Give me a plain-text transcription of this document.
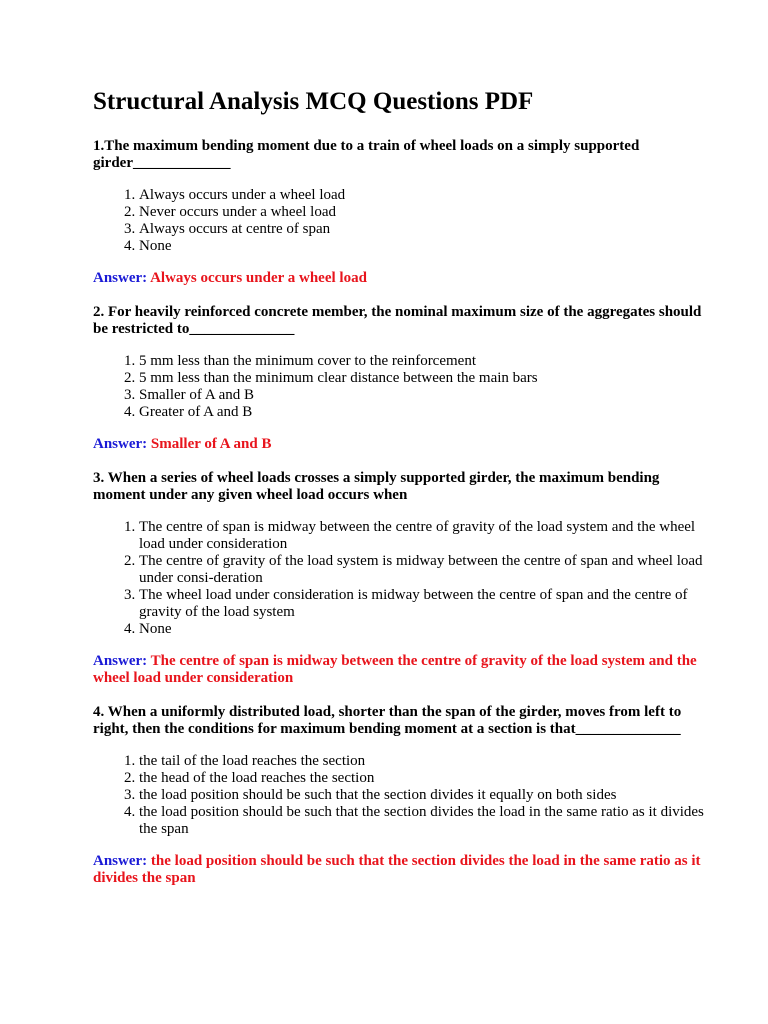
Structural Analysis MCQ Questions PDF

1.The maximum bending moment due to a train of wheel loads on a simply supported girder_____________

1. Always occurs under a wheel load
2. Never occurs under a wheel load
3. Always occurs at centre of span
4. None

Answer: Always occurs under a wheel load

2. For heavily reinforced concrete member, the nominal maximum size of the aggregates should be restricted to______________

1. 5 mm less than the minimum cover to the reinforcement
2. 5 mm less than the minimum clear distance between the main bars
3. Smaller of A and B
4. Greater of A and B

Answer: Smaller of A and B

3. When a series of wheel loads crosses a simply supported girder, the maximum bending moment under any given wheel load occurs when

1. The centre of span is midway between the centre of gravity of the load system and the wheel load under consideration
2. The centre of gravity of the load system is midway between the centre of span and wheel load under consi-deration
3. The wheel load under consideration is midway between the centre of span and the centre of gravity of the load system
4. None

Answer: The centre of span is midway between the centre of gravity of the load system and the wheel load under consideration

4. When a uniformly distributed load, shorter than the span of the girder, moves from left to right, then the conditions for maximum bending moment at a section is that______________

1. the tail of the load reaches the section
2. the head of the load reaches the section
3. the load position should be such that the section divides it equally on both sides
4. the load position should be such that the section divides the load in the same ratio as it divides the span

Answer: the load position should be such that the section divides the load in the same ratio as it divides the span
